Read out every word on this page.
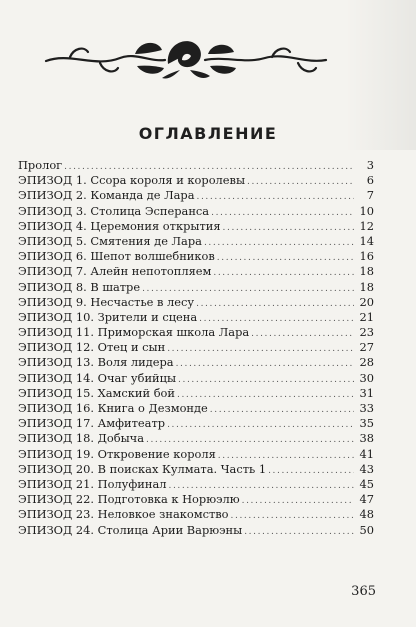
ОГЛАВЛЕНИЕ
Пролог .....	3
ЭПИЗОД 1. Ссора короля и королевы .....	6
ЭПИЗОД 2. Команда де Лара .....	7
ЭПИЗОД 3. Столица Эсперанса .....	10
ЭПИЗОД 4. Церемония открытия .....	12
ЭПИЗОД 5. Смятения де Лара .....	14
ЭПИЗОД 6. Шепот волшебников .....	16
ЭПИЗОД 7. Алейн непотопляем .....	18
ЭПИЗОД 8. В шатре .....	18
ЭПИЗОД 9. Несчастье в лесу .....	20
ЭПИЗОД 10. Зрители и сцена .....	21
ЭПИЗОД 11. Приморская школа Лара .....	23
ЭПИЗОД 12. Отец и сын .....	27
ЭПИЗОД 13. Воля лидера .....	28
ЭПИЗОД 14. Очаг убийцы .....	30
ЭПИЗОД 15. Хамский бой .....	31
ЭПИЗОД 16. Книга о Дезмонде .....	33
ЭПИЗОД 17. Амфитеатр .....	35
ЭПИЗОД 18. Добыча .....	38
ЭПИЗОД 19. Откровение короля .....	41
ЭПИЗОД 20. В поисках Кулмата. Часть 1 .....	43
ЭПИЗОД 21. Полуфинал .....	45
ЭПИЗОД 22. Подготовка к Норюэлю .....	47
ЭПИЗОД 23. Неловкое знакомство .....	48
ЭПИЗОД 24. Столица Арии Варюэны .....	50
365
